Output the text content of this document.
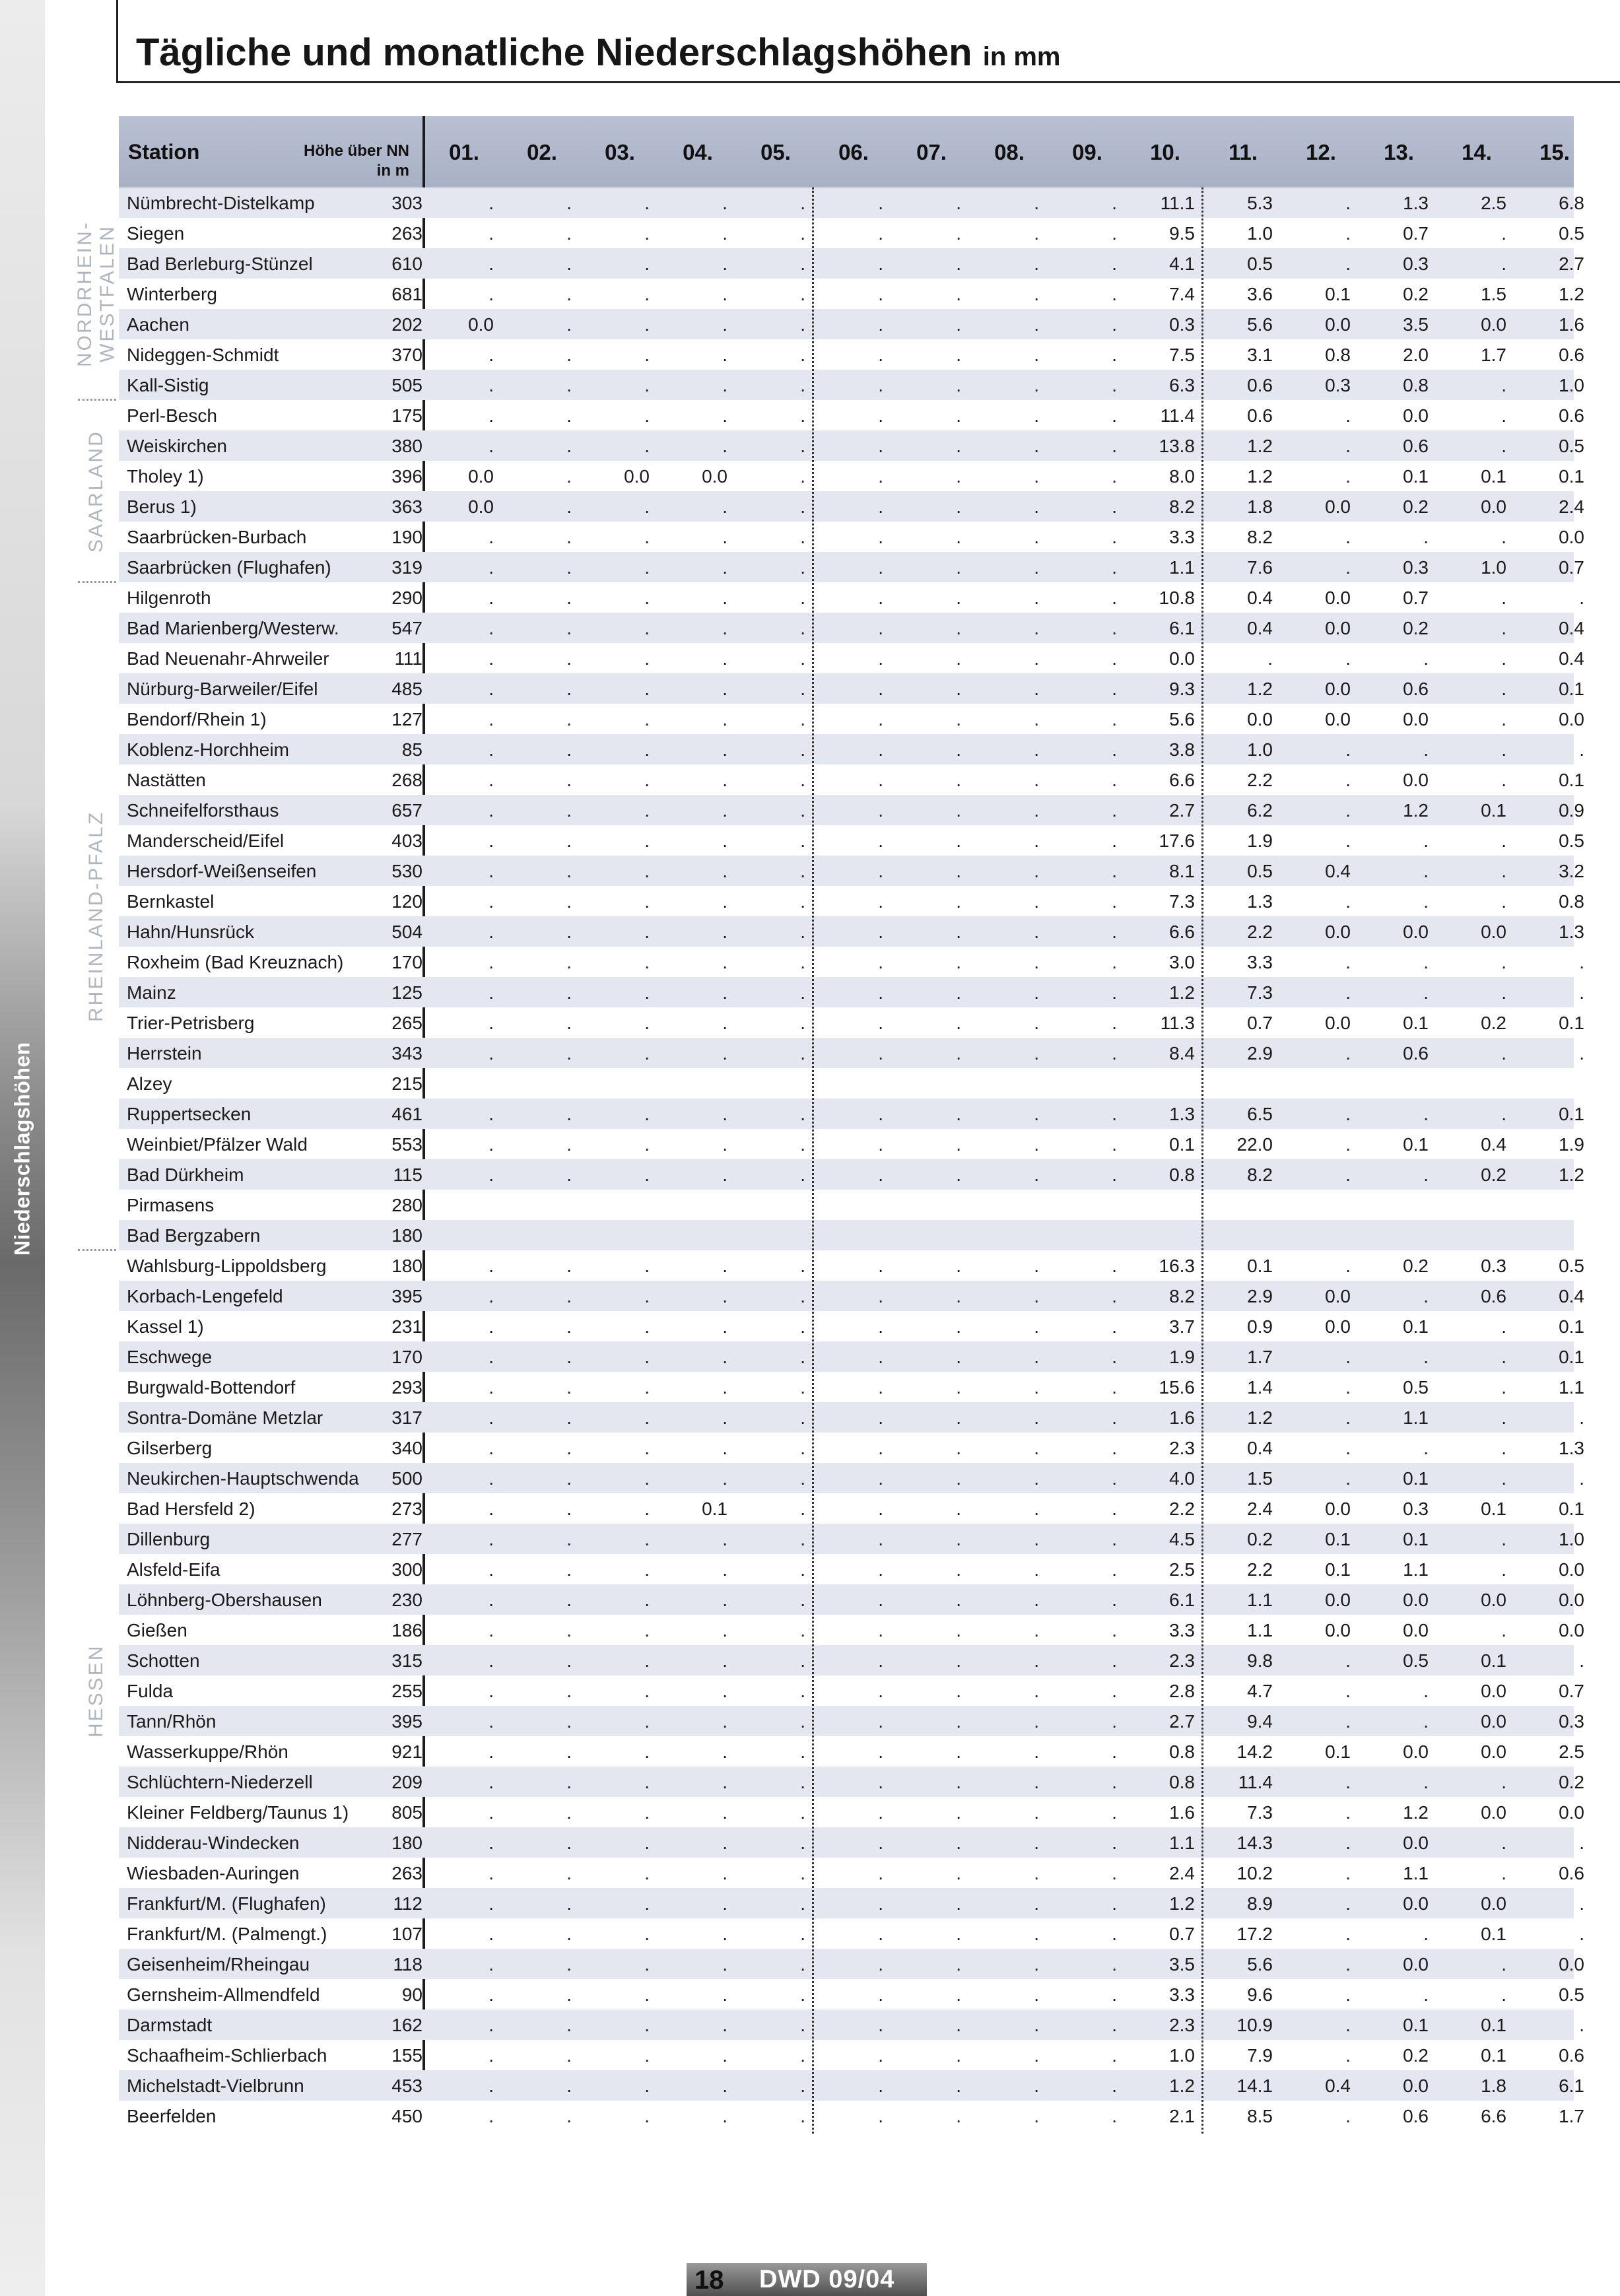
Niederschlagshöhen
Tägliche und monatliche Niederschlagshöhen in mm
Station	Höhe über NN
in m
01.	02.	03.	04.	05.	06.	07.	08.	09.	10.	11.	12.	13.	14.	15.
Nümbrecht-Distelkamp	303	.	.	.	.	.	.	.	.	.	11.1	5.3	.	1.3	2.5	6.8
Siegen	263	.	.	.	.	.	.	.	.	.	9.5	1.0	.	0.7	.	0.5
Bad Berleburg-Stünzel	610	.	.	.	.	.	.	.	.	.	4.1	0.5	.	0.3	.	2.7
Winterberg	681	.	.	.	.	.	.	.	.	.	7.4	3.6	0.1	0.2	1.5	1.2
Aachen	202	0.0	.	.	.	.	.	.	.	.	0.3	5.6	0.0	3.5	0.0	1.6
Nideggen-Schmidt	370	.	.	.	.	.	.	.	.	.	7.5	3.1	0.8	2.0	1.7	0.6
Kall-Sistig	505	.	.	.	.	.	.	.	.	.	6.3	0.6	0.3	0.8	.	1.0
Perl-Besch	175	.	.	.	.	.	.	.	.	.	11.4	0.6	.	0.0	.	0.6
Weiskirchen	380	.	.	.	.	.	.	.	.	.	13.8	1.2	.	0.6	.	0.5
Tholey 1)	396	0.0	.	0.0	0.0	.	.	.	.	.	8.0	1.2	.	0.1	0.1	0.1
Berus 1)	363	0.0	.	.	.	.	.	.	.	.	8.2	1.8	0.0	0.2	0.0	2.4
Saarbrücken-Burbach	190	.	.	.	.	.	.	.	.	.	3.3	8.2	.	.	.	0.0
Saarbrücken (Flughafen)	319	.	.	.	.	.	.	.	.	.	1.1	7.6	.	0.3	1.0	0.7
Hilgenroth	290	.	.	.	.	.	.	.	.	.	10.8	0.4	0.0	0.7	.	.
Bad Marienberg/Westerw.	547	.	.	.	.	.	.	.	.	.	6.1	0.4	0.0	0.2	.	0.4
Bad Neuenahr-Ahrweiler	111	.	.	.	.	.	.	.	.	.	0.0	.	.	.	.	0.4
Nürburg-Barweiler/Eifel	485	.	.	.	.	.	.	.	.	.	9.3	1.2	0.0	0.6	.	0.1
Bendorf/Rhein 1)	127	.	.	.	.	.	.	.	.	.	5.6	0.0	0.0	0.0	.	0.0
Koblenz-Horchheim	85	.	.	.	.	.	.	.	.	.	3.8	1.0	.	.	.	.
Nastätten	268	.	.	.	.	.	.	.	.	.	6.6	2.2	.	0.0	.	0.1
Schneifelforsthaus	657	.	.	.	.	.	.	.	.	.	2.7	6.2	.	1.2	0.1	0.9
Manderscheid/Eifel	403	.	.	.	.	.	.	.	.	.	17.6	1.9	.	.	.	0.5
Hersdorf-Weißenseifen	530	.	.	.	.	.	.	.	.	.	8.1	0.5	0.4	.	.	3.2
Bernkastel	120	.	.	.	.	.	.	.	.	.	7.3	1.3	.	.	.	0.8
Hahn/Hunsrück	504	.	.	.	.	.	.	.	.	.	6.6	2.2	0.0	0.0	0.0	1.3
Roxheim (Bad Kreuznach)	170	.	.	.	.	.	.	.	.	.	3.0	3.3	.	.	.	.
Mainz	125	.	.	.	.	.	.	.	.	.	1.2	7.3	.	.	.	.
Trier-Petrisberg	265	.	.	.	.	.	.	.	.	.	11.3	0.7	0.0	0.1	0.2	0.1
Herrstein	343	.	.	.	.	.	.	.	.	.	8.4	2.9	.	0.6	.	.
Alzey	215
Ruppertsecken	461	.	.	.	.	.	.	.	.	.	1.3	6.5	.	.	.	0.1
Weinbiet/Pfälzer Wald	553	.	.	.	.	.	.	.	.	.	0.1	22.0	.	0.1	0.4	1.9
Bad Dürkheim	115	.	.	.	.	.	.	.	.	.	0.8	8.2	.	.	0.2	1.2
Pirmasens	280
Bad Bergzabern	180
Wahlsburg-Lippoldsberg	180	.	.	.	.	.	.	.	.	.	16.3	0.1	.	0.2	0.3	0.5
Korbach-Lengefeld	395	.	.	.	.	.	.	.	.	.	8.2	2.9	0.0	.	0.6	0.4
Kassel 1)	231	.	.	.	.	.	.	.	.	.	3.7	0.9	0.0	0.1	.	0.1
Eschwege	170	.	.	.	.	.	.	.	.	.	1.9	1.7	.	.	.	0.1
Burgwald-Bottendorf	293	.	.	.	.	.	.	.	.	.	15.6	1.4	.	0.5	.	1.1
Sontra-Domäne Metzlar	317	.	.	.	.	.	.	.	.	.	1.6	1.2	.	1.1	.	.
Gilserberg	340	.	.	.	.	.	.	.	.	.	2.3	0.4	.	.	.	1.3
Neukirchen-Hauptschwenda	500	.	.	.	.	.	.	.	.	.	4.0	1.5	.	0.1	.	.
Bad Hersfeld 2)	273	.	.	.	0.1	.	.	.	.	.	2.2	2.4	0.0	0.3	0.1	0.1
Dillenburg	277	.	.	.	.	.	.	.	.	.	4.5	0.2	0.1	0.1	.	1.0
Alsfeld-Eifa	300	.	.	.	.	.	.	.	.	.	2.5	2.2	0.1	1.1	.	0.0
Löhnberg-Obershausen	230	.	.	.	.	.	.	.	.	.	6.1	1.1	0.0	0.0	0.0	0.0
Gießen	186	.	.	.	.	.	.	.	.	.	3.3	1.1	0.0	0.0	.	0.0
Schotten	315	.	.	.	.	.	.	.	.	.	2.3	9.8	.	0.5	0.1	.
Fulda	255	.	.	.	.	.	.	.	.	.	2.8	4.7	.	.	0.0	0.7
Tann/Rhön	395	.	.	.	.	.	.	.	.	.	2.7	9.4	.	.	0.0	0.3
Wasserkuppe/Rhön	921	.	.	.	.	.	.	.	.	.	0.8	14.2	0.1	0.0	0.0	2.5
Schlüchtern-Niederzell	209	.	.	.	.	.	.	.	.	.	0.8	11.4	.	.	.	0.2
Kleiner Feldberg/Taunus 1)	805	.	.	.	.	.	.	.	.	.	1.6	7.3	.	1.2	0.0	0.0
Nidderau-Windecken	180	.	.	.	.	.	.	.	.	.	1.1	14.3	.	0.0	.	.
Wiesbaden-Auringen	263	.	.	.	.	.	.	.	.	.	2.4	10.2	.	1.1	.	0.6
Frankfurt/M. (Flughafen)	112	.	.	.	.	.	.	.	.	.	1.2	8.9	.	0.0	0.0	.
Frankfurt/M. (Palmengt.)	107	.	.	.	.	.	.	.	.	.	0.7	17.2	.	.	0.1	.
Geisenheim/Rheingau	118	.	.	.	.	.	.	.	.	.	3.5	5.6	.	0.0	.	0.0
Gernsheim-Allmendfeld	90	.	.	.	.	.	.	.	.	.	3.3	9.6	.	.	.	0.5
Darmstadt	162	.	.	.	.	.	.	.	.	.	2.3	10.9	.	0.1	0.1	.
Schaafheim-Schlierbach	155	.	.	.	.	.	.	.	.	.	1.0	7.9	.	0.2	0.1	0.6
Michelstadt-Vielbrunn	453	.	.	.	.	.	.	.	.	.	1.2	14.1	0.4	0.0	1.8	6.1
Beerfelden	450	.	.	.	.	.	.	.	.	.	2.1	8.5	.	0.6	6.6	1.7
NORDRHEIN-
WESTFALEN
SAARLAND
RHEINLAND-PFALZ
HESSEN
18 DWD 09/04
